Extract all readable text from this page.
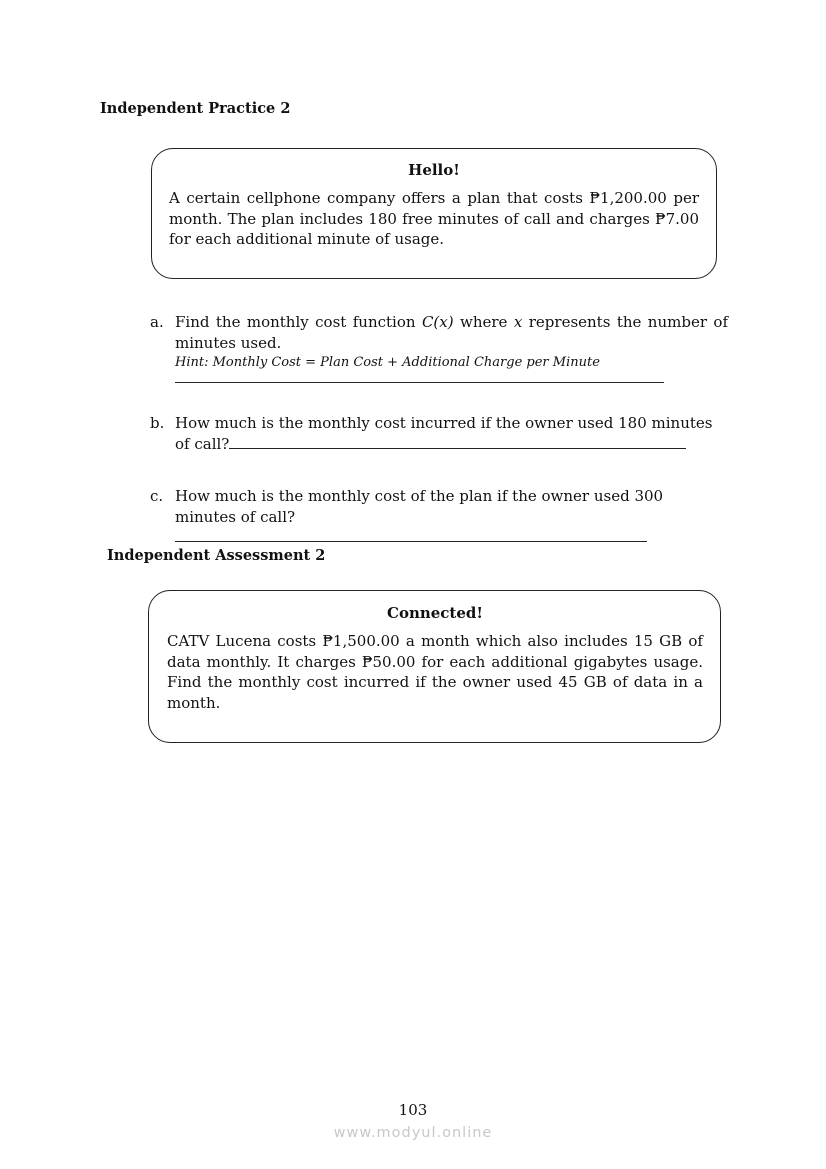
Independent Practice 2
Hello!

A certain cellphone company offers a plan that costs ₱1,200.00 per month. The plan includes 180 free minutes of call and charges ₱7.00 for each additional minute of usage.

a. Find the monthly cost function C(x) where x represents the number of minutes used.
Hint: Monthly Cost = Plan Cost + Additional Charge per Minute
b. How much is the monthly cost incurred if the owner used 180 minutes of call?
c. How much is the monthly cost of the plan if the owner used 300 minutes of call?
Independent Assessment 2
Connected!

CATV Lucena costs ₱1,500.00 a month which also includes 15 GB of data monthly. It charges ₱50.00 for each additional gigabytes usage. Find the monthly cost incurred if the owner used 45 GB of data in a month.

103
www.modyul.online
